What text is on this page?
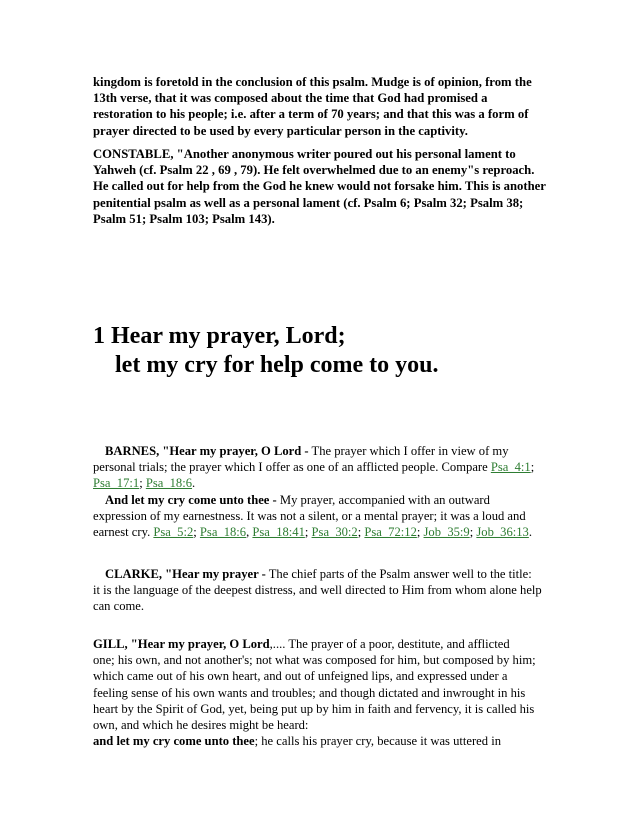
kingdom is foretold in the conclusion of this psalm. Mudge is of opinion, from the
13th verse, that it was composed about the time that God had promised a
restoration to his people; i.e. after a term of 70 years; and that this was a form of
prayer directed to be used by every particular person in the captivity.
CONSTABLE, "Another anonymous writer poured out his personal lament to
Yahweh (cf. Psalm 22 , 69 , 79). He felt overwhelmed due to an enemy"s reproach.
He called out for help from the God he knew would not forsake him. This is another
penitential psalm as well as a personal lament (cf. Psalm 6; Psalm 32; Psalm 38;
Psalm 51; Psalm 103; Psalm 143).
1 Hear my prayer, Lord;
let my cry for help come to you.
BARNES, "Hear my prayer, O Lord - The prayer which I offer in view of my
personal trials; the prayer which I offer as one of an afflicted people. Compare Psa_4:1;
Psa_17:1; Psa_18:6.
And let my cry come unto thee - My prayer, accompanied with an outward
expression of my earnestness. It was not a silent, or a mental prayer; it was a loud and
earnest cry. Psa_5:2; Psa_18:6, Psa_18:41; Psa_30:2; Psa_72:12; Job_35:9; Job_36:13.
CLARKE, "Hear my prayer - The chief parts of the Psalm answer well to the title:
it is the language of the deepest distress, and well directed to Him from whom alone help
can come.
GILL, "Hear my prayer, O Lord,.... The prayer of a poor, destitute, and afflicted
one; his own, and not another's; not what was composed for him, but composed by him;
which came out of his own heart, and out of unfeigned lips, and expressed under a
feeling sense of his own wants and troubles; and though dictated and inwrought in his
heart by the Spirit of God, yet, being put up by him in faith and fervency, it is called his
own, and which he desires might be heard:
and let my cry come unto thee; he calls his prayer cry, because it was uttered in
